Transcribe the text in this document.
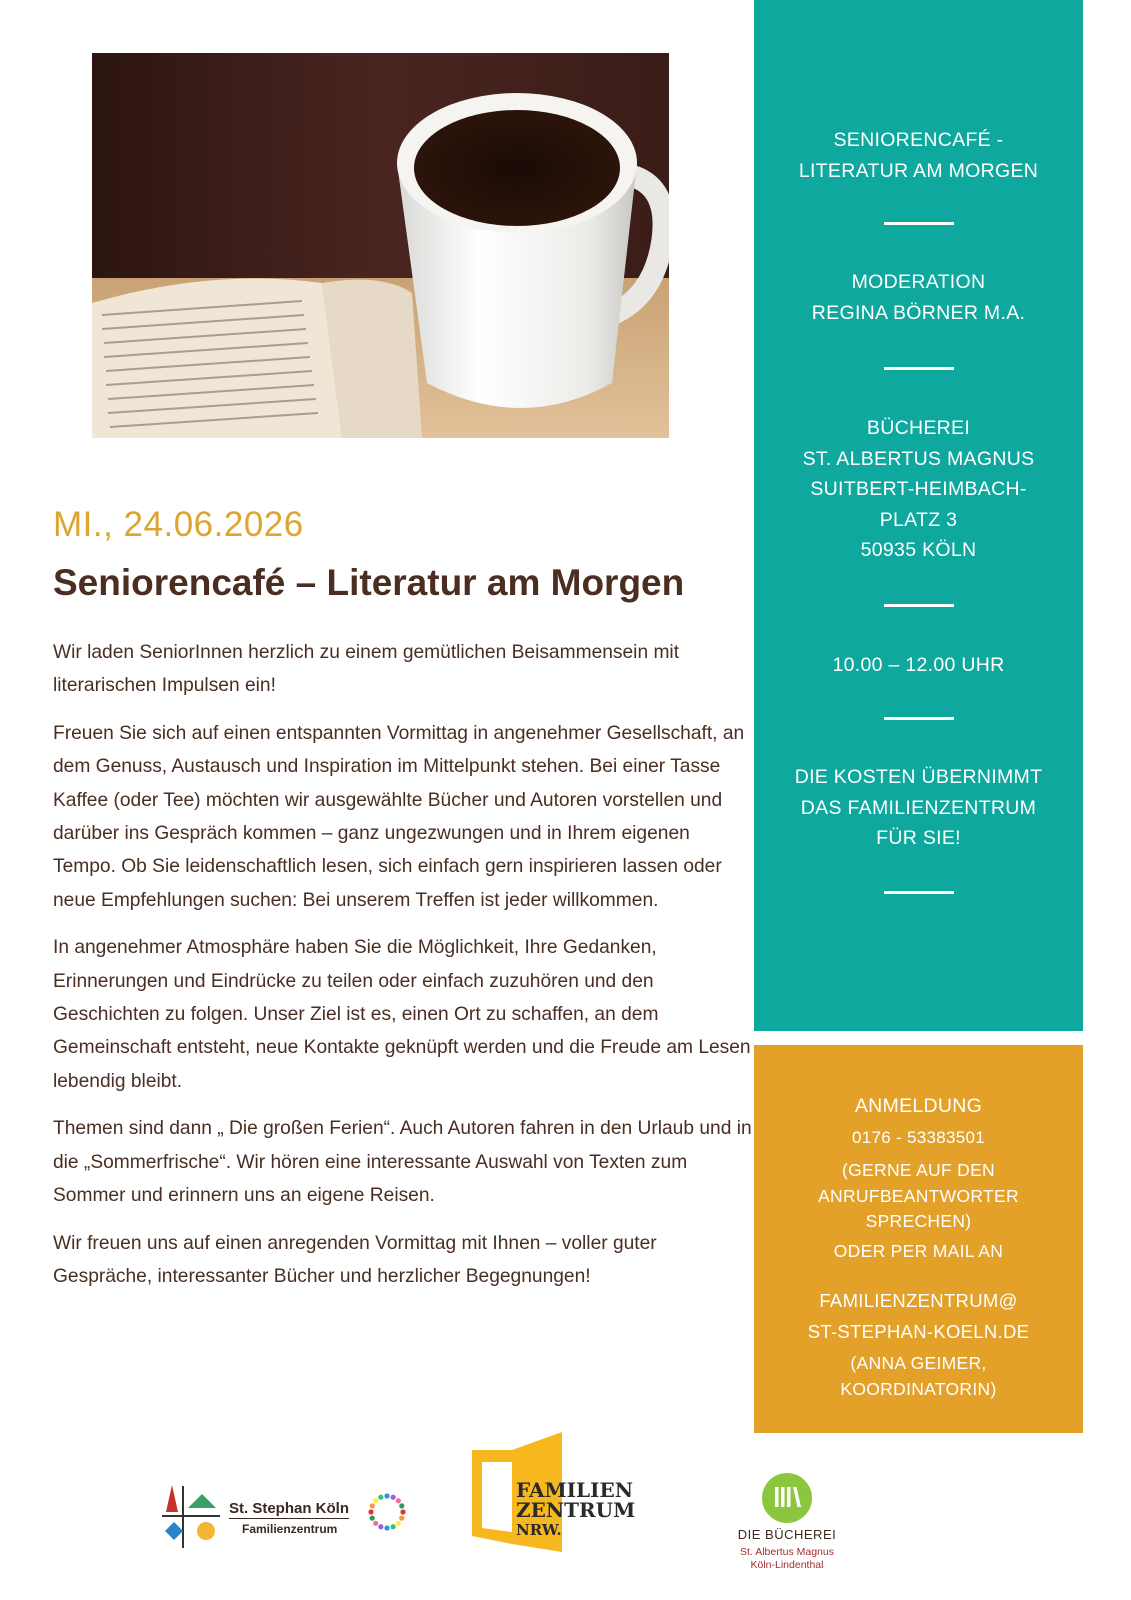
MI., 24.06.2026
Seniorencafé – Literatur am Morgen

Wir laden SeniorInnen herzlich zu einem gemütlichen Beisammensein mit literarischen Impulsen ein!

Freuen Sie sich auf einen entspannten Vormittag in angenehmer Gesellschaft, an dem Genuss, Austausch und Inspiration im Mittelpunkt stehen. Bei einer Tasse Kaffee (oder Tee) möchten wir ausgewählte Bücher und Autoren vorstellen und darüber ins Gespräch kommen – ganz ungezwungen und in Ihrem eigenen Tempo. Ob Sie leidenschaftlich lesen, sich einfach gern inspirieren lassen oder neue Empfehlungen suchen: Bei unserem Treffen ist jeder willkommen.

In angenehmer Atmosphäre haben Sie die Möglichkeit, Ihre Gedanken, Erinnerungen und Eindrücke zu teilen oder einfach zuzuhören und den Geschichten zu folgen. Unser Ziel ist es, einen Ort zu schaffen, an dem Gemeinschaft entsteht, neue Kontakte geknüpft werden und die Freude am Lesen lebendig bleibt.

Themen sind dann „ Die großen Ferien“. Auch Autoren fahren in den Urlaub und in die „Sommerfrische“. Wir hören eine interessante Auswahl von Texten zum Sommer und erinnern uns an eigene Reisen.

Wir freuen uns auf einen anregenden Vormittag mit Ihnen – voller guter Gespräche, interessanter Bücher und herzlicher Begegnungen!

SENIORENCAFÉ -
LITERATUR AM MORGEN
MODERATION
REGINA BÖRNER M.A.
BÜCHEREI
ST. ALBERTUS MAGNUS
SUITBERT-HEIMBACH-
PLATZ 3
50935 KÖLN
10.00 – 12.00 UHR
DIE KOSTEN ÜBERNIMMT
DAS FAMILIENZENTRUM
FÜR SIE!
ANMELDUNG
0176 - 53383501
(GERNE AUF DEN
ANRUFBEANTWORTER
SPRECHEN)
ODER PER MAIL AN
FAMILIENZENTRUM@
ST-STEPHAN-KOELN.DE
(ANNA GEIMER,
KOORDINATORIN)
St. Stephan Köln
Familienzentrum
FAMILIEN
ZENTRUM
NRW.	DIE BÜCHEREI
St. Albertus Magnus
Köln-Lindenthal
